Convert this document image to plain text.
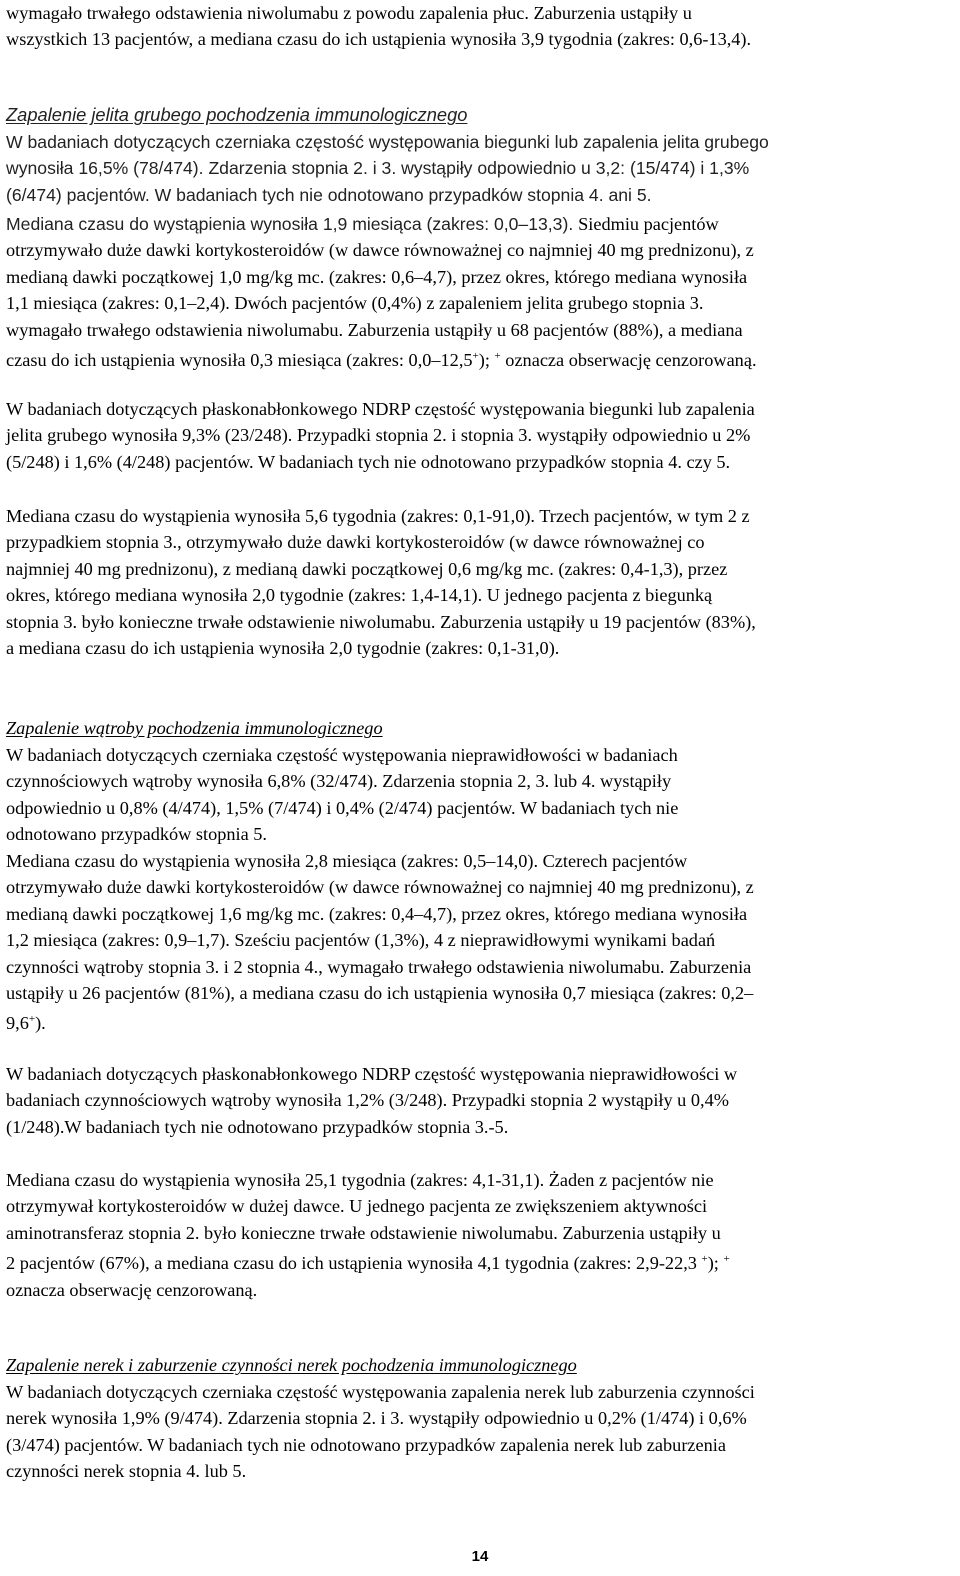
wymagało trwałego odstawienia niwolumabu z powodu zapalenia płuc. Zaburzenia ustąpiły u
wszystkich 13 pacjentów, a mediana czasu do ich ustąpienia wynosiła 3,9 tygodnia (zakres: 0,6-13,4).

Zapalenie jelita grubego pochodzenia immunologicznego
W badaniach dotyczących czerniaka częstość występowania biegunki lub zapalenia jelita grubego
wynosiła 16,5% (78/474). Zdarzenia stopnia 2. i 3. wystąpiły odpowiednio u 3,2: (15/474) i 1,3%
(6/474) pacjentów. W badaniach tych nie odnotowano przypadków stopnia 4. ani 5.

Mediana czasu do wystąpienia wynosiła 1,9 miesiąca (zakres: 0,0–13,3). Siedmiu pacjentów
otrzymywało duże dawki kortykosteroidów (w dawce równoważnej co najmniej 40 mg prednizonu), z
medianą dawki początkowej 1,0 mg/kg mc. (zakres: 0,6–4,7), przez okres, którego mediana wynosiła
1,1 miesiąca (zakres: 0,1–2,4). Dwóch pacjentów (0,4%) z zapaleniem jelita grubego stopnia 3.
wymagało trwałego odstawienia niwolumabu. Zaburzenia ustąpiły u 68 pacjentów (88%), a mediana
czasu do ich ustąpienia wynosiła 0,3 miesiąca (zakres: 0,0–12,5+); + oznacza obserwację cenzorowaną.

W badaniach dotyczących płaskonabłonkowego NDRP częstość występowania biegunki lub zapalenia
jelita grubego wynosiła 9,3% (23/248). Przypadki stopnia 2. i stopnia 3. wystąpiły odpowiednio u 2%
(5/248) i 1,6% (4/248) pacjentów. W badaniach tych nie odnotowano przypadków stopnia 4. czy 5.

Mediana czasu do wystąpienia wynosiła 5,6 tygodnia (zakres: 0,1-91,0). Trzech pacjentów, w tym 2 z
przypadkiem stopnia 3., otrzymywało duże dawki kortykosteroidów (w dawce równoważnej co
najmniej 40 mg prednizonu), z medianą dawki początkowej 0,6 mg/kg mc. (zakres: 0,4-1,3), przez
okres, którego mediana wynosiła 2,0 tygodnie (zakres: 1,4-14,1). U jednego pacjenta z biegunką
stopnia 3. było konieczne trwałe odstawienie niwolumabu. Zaburzenia ustąpiły u 19 pacjentów (83%),
a mediana czasu do ich ustąpienia wynosiła 2,0 tygodnie (zakres: 0,1-31,0).

Zapalenie wątroby pochodzenia immunologicznego
W badaniach dotyczących czerniaka częstość występowania nieprawidłowości w badaniach
czynnościowych wątroby wynosiła 6,8% (32/474). Zdarzenia stopnia 2, 3. lub 4. wystąpiły
odpowiednio u 0,8% (4/474), 1,5% (7/474) i 0,4% (2/474) pacjentów. W badaniach tych nie
odnotowano przypadków stopnia 5.

Mediana czasu do wystąpienia wynosiła 2,8 miesiąca (zakres: 0,5–14,0). Czterech pacjentów
otrzymywało duże dawki kortykosteroidów (w dawce równoważnej co najmniej 40 mg prednizonu), z
medianą dawki początkowej 1,6 mg/kg mc. (zakres: 0,4–4,7), przez okres, którego mediana wynosiła
1,2 miesiąca (zakres: 0,9–1,7). Sześciu pacjentów (1,3%), 4 z nieprawidłowymi wynikami badań
czynności wątroby stopnia 3. i 2 stopnia 4., wymagało trwałego odstawienia niwolumabu. Zaburzenia
ustąpiły u 26 pacjentów (81%), a mediana czasu do ich ustąpienia wynosiła 0,7 miesiąca (zakres: 0,2–
9,6+).

W badaniach dotyczących płaskonabłonkowego NDRP częstość występowania nieprawidłowości w
badaniach czynnościowych wątroby wynosiła 1,2% (3/248). Przypadki stopnia 2 wystąpiły u 0,4%
(1/248).W badaniach tych nie odnotowano przypadków stopnia 3.-5.

Mediana czasu do wystąpienia wynosiła 25,1 tygodnia (zakres: 4,1-31,1). Żaden z pacjentów nie
otrzymywał kortykosteroidów w dużej dawce. U jednego pacjenta ze zwiększeniem aktywności
aminotransferaz stopnia 2. było konieczne trwałe odstawienie niwolumabu. Zaburzenia ustąpiły u
2 pacjentów (67%), a mediana czasu do ich ustąpienia wynosiła 4,1 tygodnia (zakres: 2,9-22,3 +); +
oznacza obserwację cenzorowaną.

Zapalenie nerek i zaburzenie czynności nerek pochodzenia immunologicznego
W badaniach dotyczących czerniaka częstość występowania zapalenia nerek lub zaburzenia czynności
nerek wynosiła 1,9% (9/474). Zdarzenia stopnia 2. i 3. wystąpiły odpowiednio u 0,2% (1/474) i 0,6%
(3/474) pacjentów. W badaniach tych nie odnotowano przypadków zapalenia nerek lub zaburzenia
czynności nerek stopnia 4. lub 5.

14
